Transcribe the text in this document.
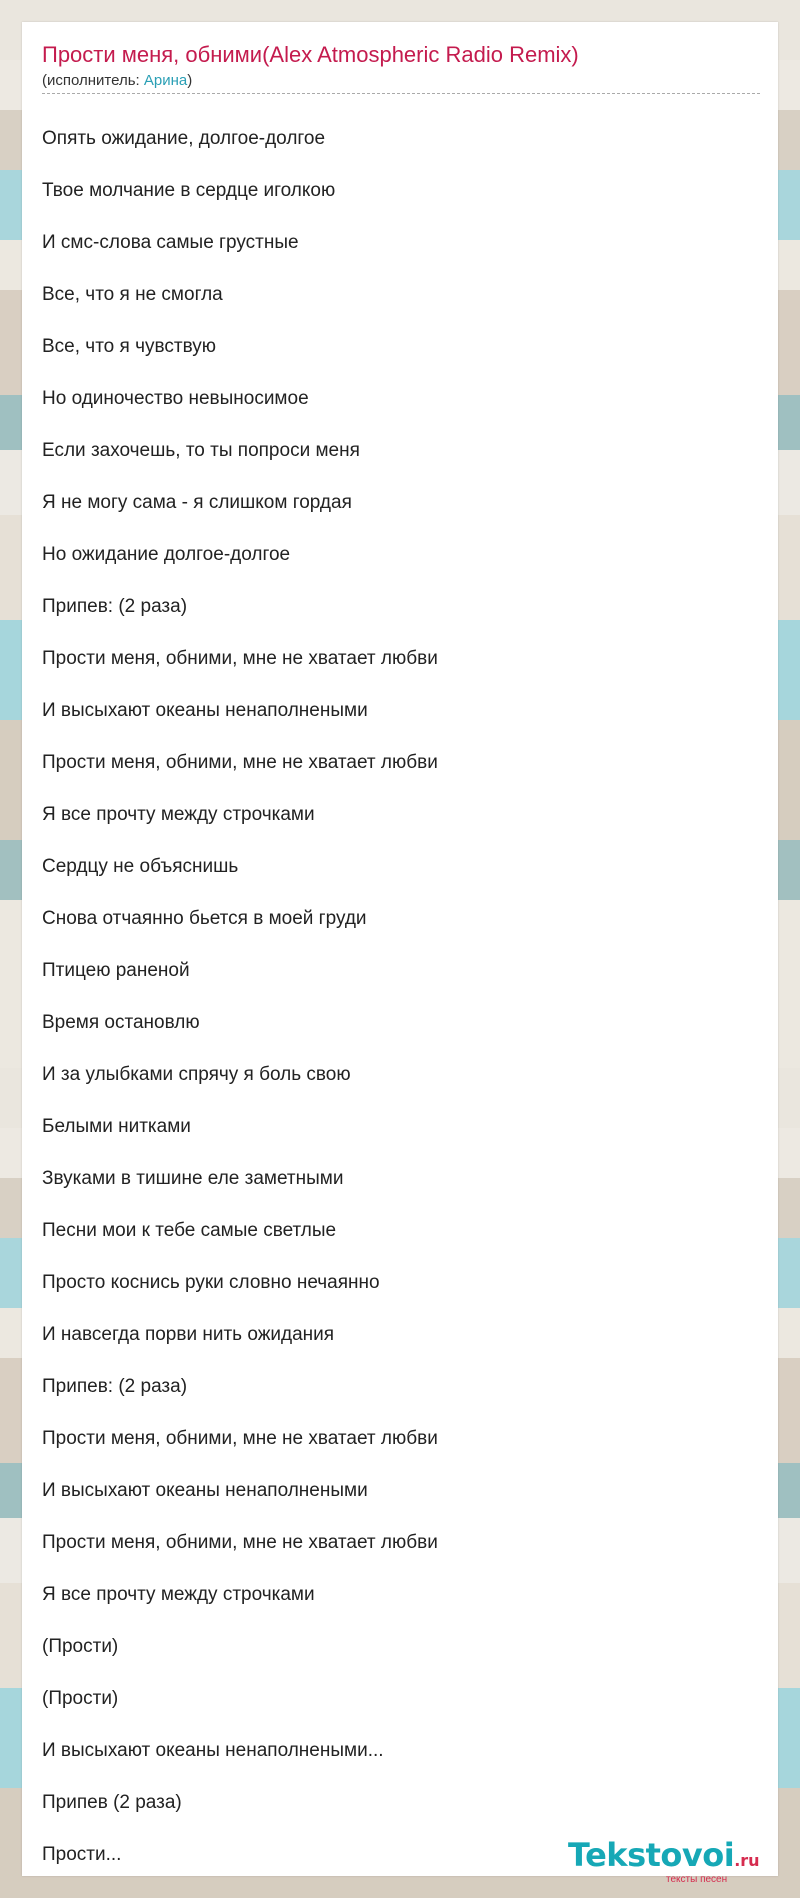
Прости меня, обними(Alex Atmospheric Radio Remix)
(исполнитель: Арина)
Опять ожидание, долгое-долгое
Твое молчание в сердце иголкою
И смс-слова самые грустные
Все, что я не смогла
Все, что я чувствую
Но одиночество невыносимое
Если захочешь, то ты попроси меня
Я не могу сама - я слишком гордая
Но ожидание долгое-долгое
Припев: (2 раза)
Прости меня, обними, мне не хватает любви
И высыхают океаны ненаполнеными
Прости меня, обними, мне не хватает любви
Я все прочту между строчками
Сердцу не объяснишь
Снова отчаянно бьется в моей груди
Птицею раненой
Время остановлю
И за улыбками спрячу я боль свою
Белыми нитками
Звуками в тишине еле заметными
Песни мои к тебе самые светлые
Просто коснись руки словно нечаянно
И навсегда порви нить ожидания
Припев: (2 раза)
Прости меня, обними, мне не хватает любви
И высыхают океаны ненаполнеными
Прости меня, обними, мне не хватает любви
Я все прочту между строчками
(Прости)
(Прости)
И высыхают океаны ненаполнеными...
Припев (2 раза)
Прости...	Tekstovoi.ru
тексты песен
